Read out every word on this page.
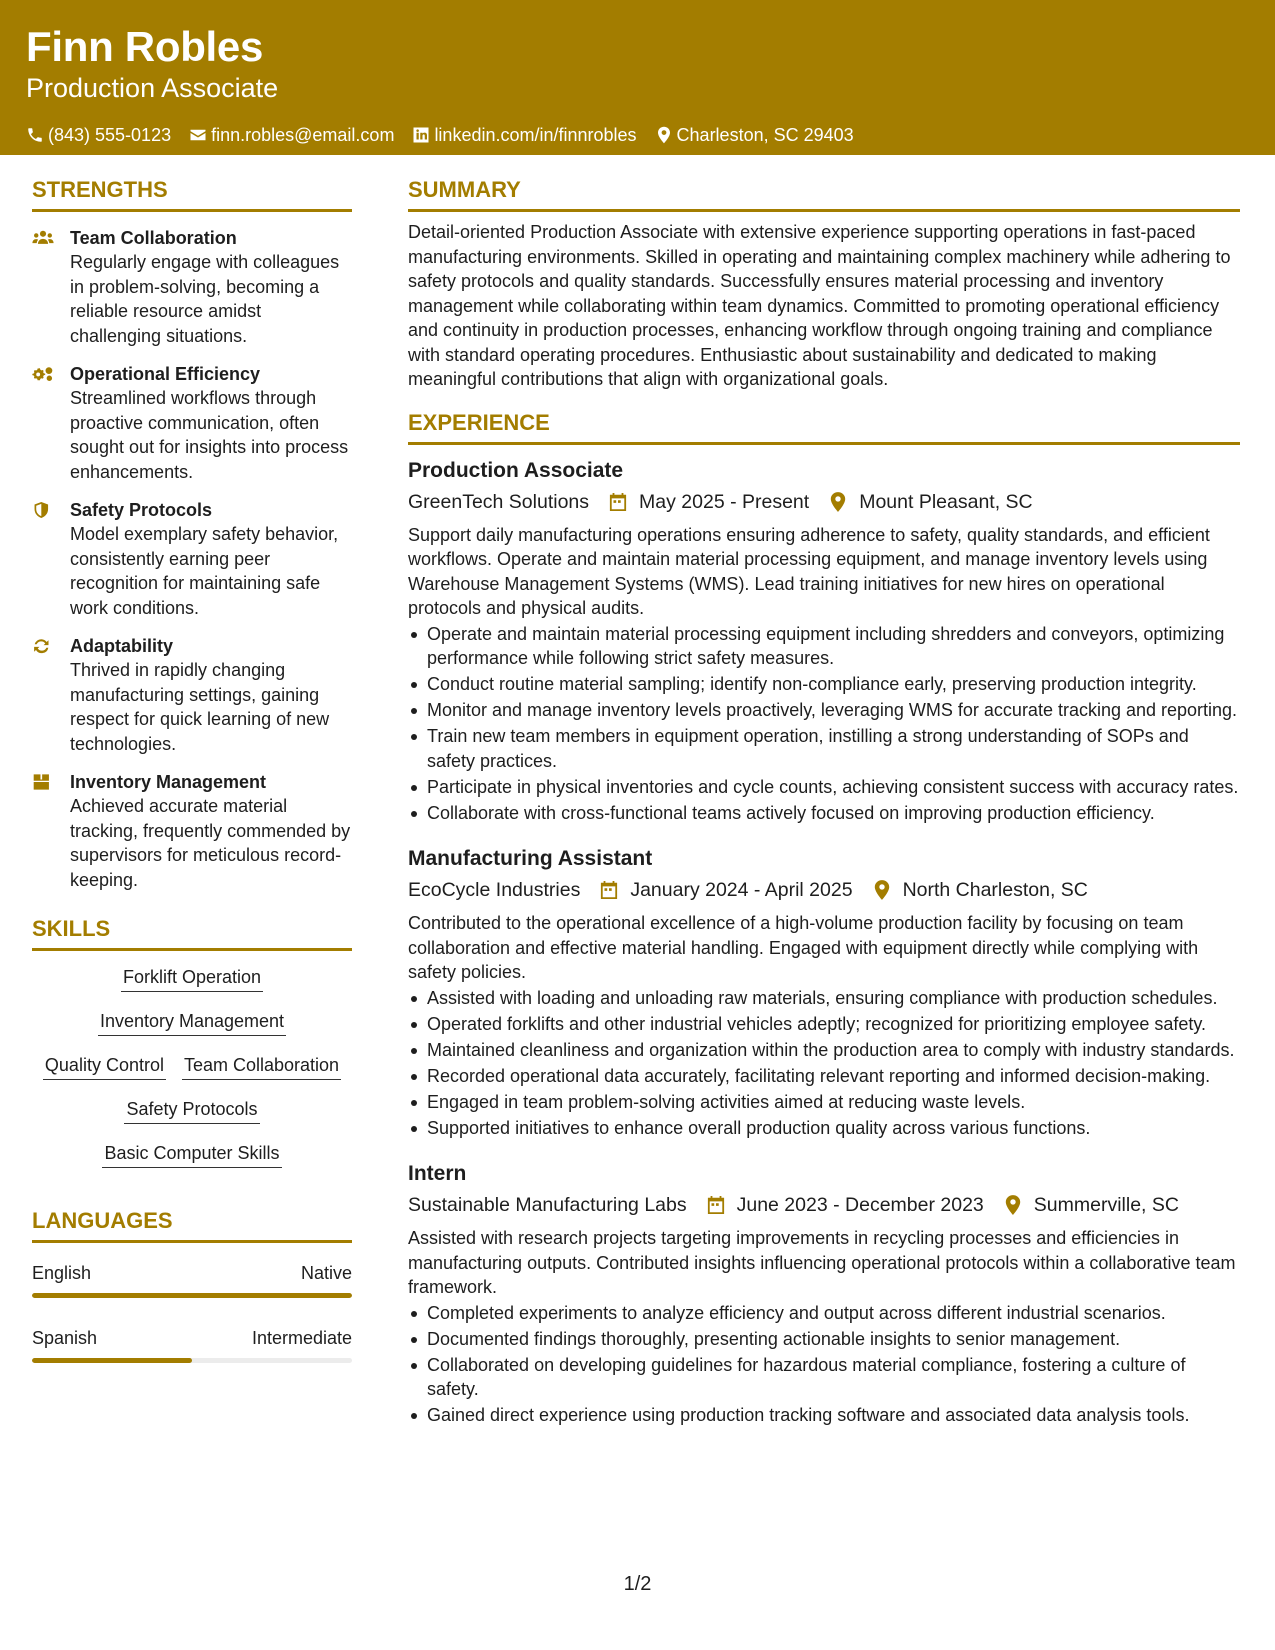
Finn Robles
Production Associate
(843) 555-0123 finn.robles@email.com linkedin.com/in/finnrobles Charleston, SC 29403
STRENGTHS
Team Collaboration
Regularly engage with colleagues in problem-solving, becoming a reliable resource amidst challenging situations.
Operational Efficiency
Streamlined workflows through proactive communication, often sought out for insights into process enhancements.
Safety Protocols
Model exemplary safety behavior, consistently earning peer recognition for maintaining safe work conditions.
Adaptability
Thrived in rapidly changing manufacturing settings, gaining respect for quick learning of new technologies.
Inventory Management
Achieved accurate material tracking, frequently commended by supervisors for meticulous record-keeping.
SKILLS
Forklift Operation
Inventory Management
Quality Control Team Collaboration
Safety Protocols
Basic Computer Skills
LANGUAGES
English	Native
Spanish	Intermediate
SUMMARY
Detail-oriented Production Associate with extensive experience supporting operations in fast-paced manufacturing environments. Skilled in operating and maintaining complex machinery while adhering to safety protocols and quality standards. Successfully ensures material processing and inventory management while collaborating within team dynamics. Committed to promoting operational efficiency and continuity in production processes, enhancing workflow through ongoing training and compliance with standard operating procedures. Enthusiastic about sustainability and dedicated to making meaningful contributions that align with organizational goals.
EXPERIENCE
Production Associate
GreenTech Solutions	May 2025 - Present	Mount Pleasant, SC
Support daily manufacturing operations ensuring adherence to safety, quality standards, and efficient workflows. Operate and maintain material processing equipment, and manage inventory levels using Warehouse Management Systems (WMS). Lead training initiatives for new hires on operational protocols and physical audits.
Operate and maintain material processing equipment including shredders and conveyors, optimizing performance while following strict safety measures.
Conduct routine material sampling; identify non-compliance early, preserving production integrity.
Monitor and manage inventory levels proactively, leveraging WMS for accurate tracking and reporting.
Train new team members in equipment operation, instilling a strong understanding of SOPs and safety practices.
Participate in physical inventories and cycle counts, achieving consistent success with accuracy rates.
Collaborate with cross-functional teams actively focused on improving production efficiency.
Manufacturing Assistant
EcoCycle Industries	January 2024 - April 2025	North Charleston, SC
Contributed to the operational excellence of a high-volume production facility by focusing on team collaboration and effective material handling. Engaged with equipment directly while complying with safety policies.
Assisted with loading and unloading raw materials, ensuring compliance with production schedules.
Operated forklifts and other industrial vehicles adeptly; recognized for prioritizing employee safety.
Maintained cleanliness and organization within the production area to comply with industry standards.
Recorded operational data accurately, facilitating relevant reporting and informed decision-making.
Engaged in team problem-solving activities aimed at reducing waste levels.
Supported initiatives to enhance overall production quality across various functions.
Intern
Sustainable Manufacturing Labs	June 2023 - December 2023	Summerville, SC
Assisted with research projects targeting improvements in recycling processes and efficiencies in manufacturing outputs. Contributed insights influencing operational protocols within a collaborative team framework.
Completed experiments to analyze efficiency and output across different industrial scenarios.
Documented findings thoroughly, presenting actionable insights to senior management.
Collaborated on developing guidelines for hazardous material compliance, fostering a culture of safety.
Gained direct experience using production tracking software and associated data analysis tools.
1/2
